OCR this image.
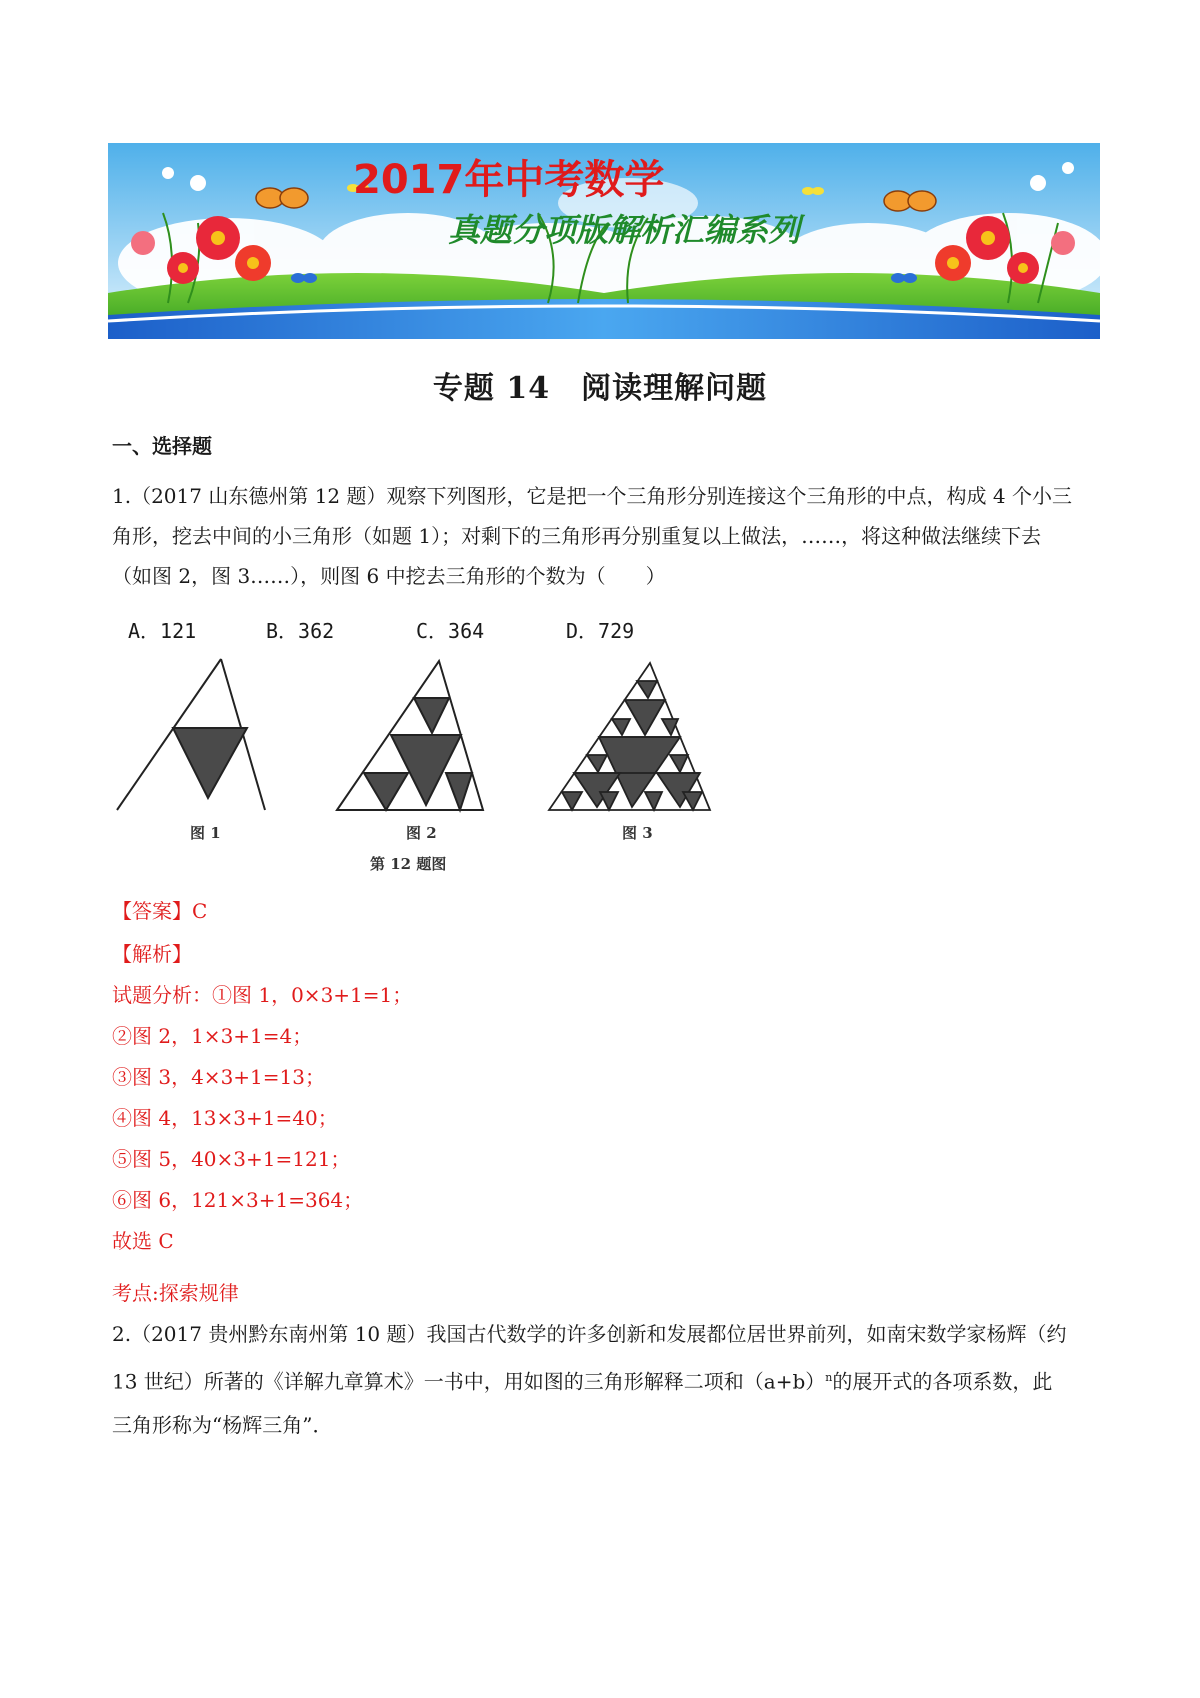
2017年中考数学
真题分项版解析汇编系列
专题 14　阅读理解问题
一、选择题
1.（2017 山东德州第 12 题）观察下列图形，它是把一个三角形分别连接这个三角形的中点，构成 4 个小三
角形，挖去中间的小三角形（如题 1）；对剩下的三角形再分别重复以上做法，……，将这种做法继续下去
（如图 2，图 3……），则图 6 中挖去三角形的个数为（　　）
A．121	B．362	C．364	D．729
图 1	图 2	图 3
第 12 题图
【答案】C
【解析】
试题分析：①图 1，0×3+1=1；
②图 2，1×3+1=4；
③图 3，4×3+1=13；
④图 4，13×3+1=40；
⑤图 5，40×3+1=121；
⑥图 6，121×3+1=364；
故选 C
考点:探索规律
2.（2017 贵州黔东南州第 10 题）我国古代数学的许多创新和发展都位居世界前列，如南宋数学家杨辉（约
13 世纪）所著的《详解九章算术》一书中，用如图的三角形解释二项和$(a+b)^n$的展开式的各项系数，此
三角形称为“杨辉三角”．
